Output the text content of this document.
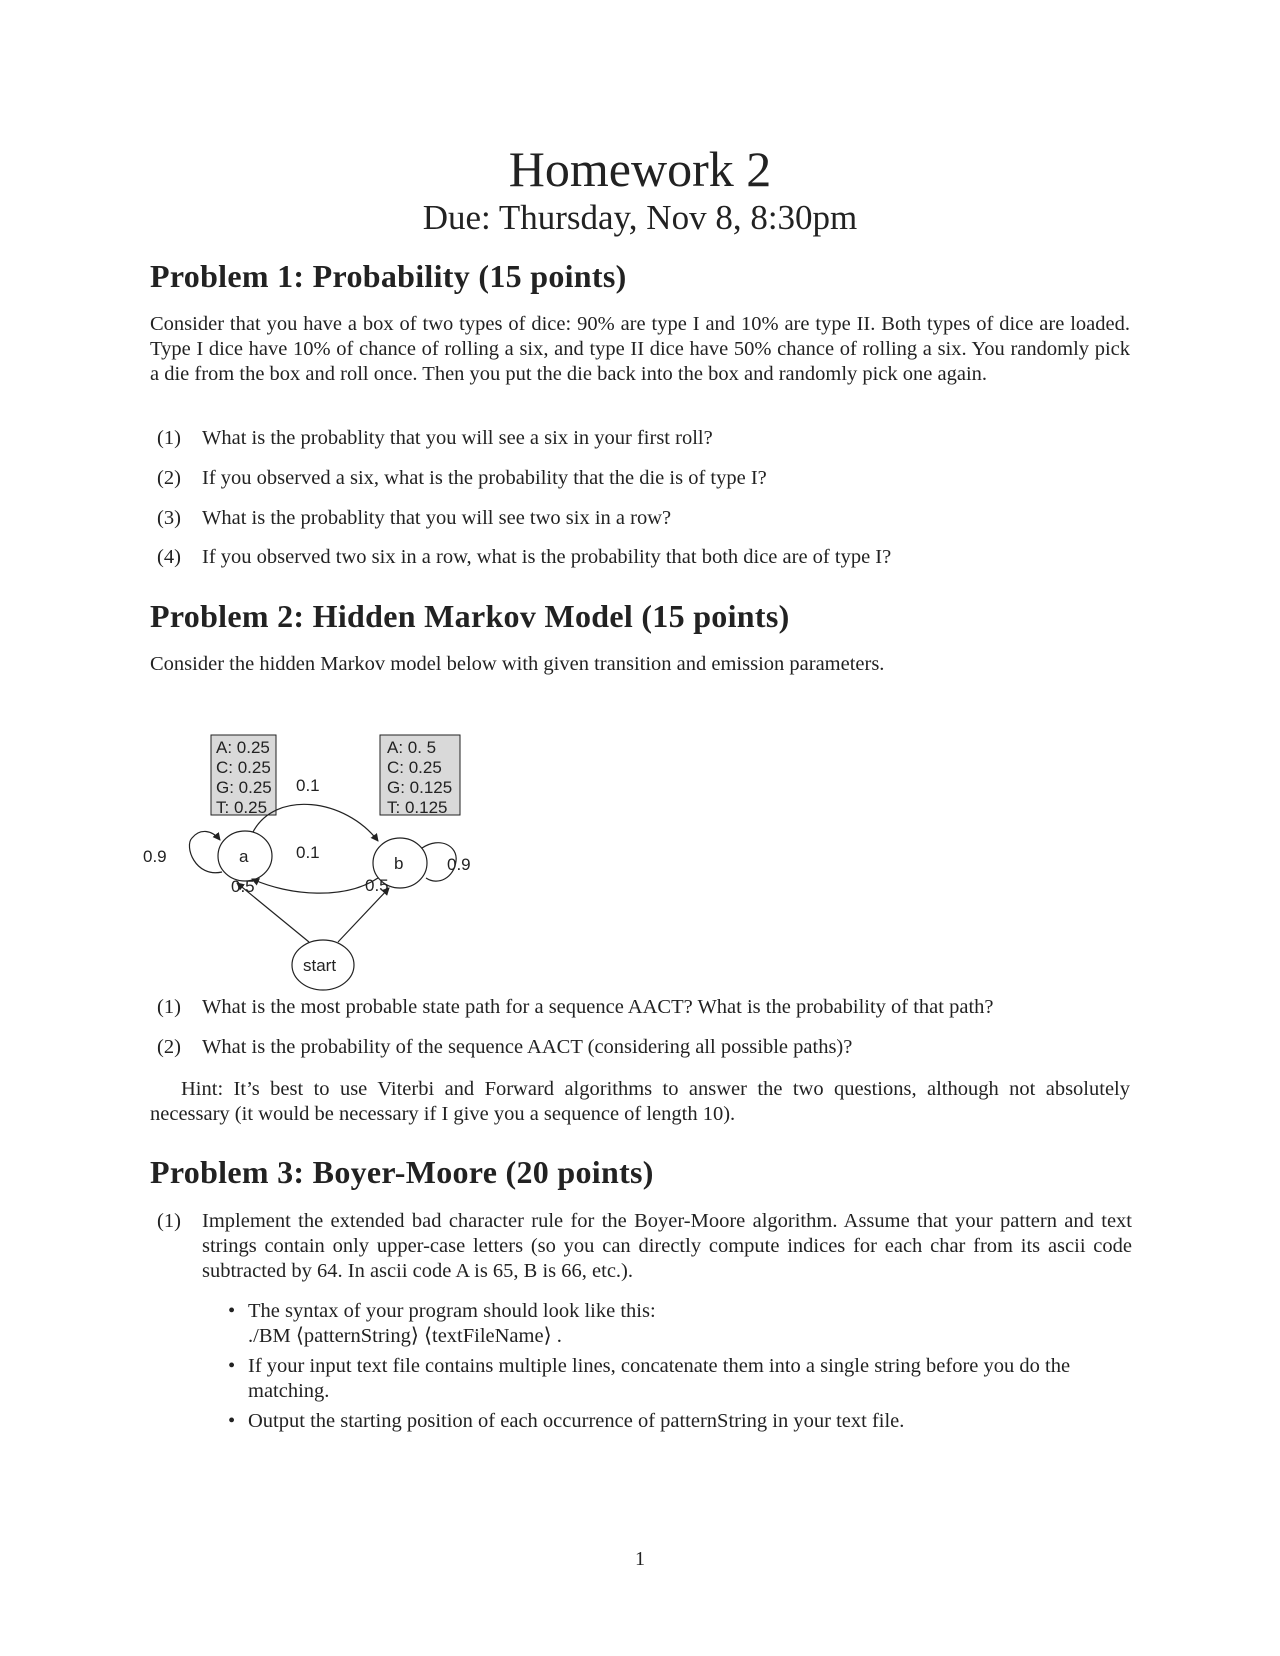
Homework 2

Due: Thursday, Nov 8, 8:30pm

Problem 1: Probability (15 points)

Consider that you have a box of two types of dice: 90% are type I and 10% are type II. Both types of dice are loaded. Type I dice have 10% of chance of rolling a six, and type II dice have 50% chance of rolling a six. You randomly pick a die from the box and roll once. Then you put the die back into the box and randomly pick one again.

(1) What is the probablity that you will see a six in your first roll?
(2) If you observed a six, what is the probability that the die is of type I?
(3) What is the probablity that you will see two six in a row?
(4) If you observed two six in a row, what is the probability that both dice are of type I?
Problem 2: Hidden Markov Model (15 points)

Consider the hidden Markov model below with given transition and emission parameters.

A: 0.25
C: 0.25
G: 0.25
T: 0.25
A: 0. 5
C: 0.25
G: 0.125
T: 0.125
a	b
start
0.9	0.9
0.1
0.1
0.5	0.5
(1) What is the most probable state path for a sequence AACT? What is the probability of that path?
(2) What is the probability of the sequence AACT (considering all possible paths)?

Hint: It’s best to use Viterbi and Forward algorithms to answer the two questions, although not absolutely necessary (it would be necessary if I give you a sequence of length 10).

Problem 3: Boyer-Moore (20 points)
(1) Implement the extended bad character rule for the Boyer-Moore algorithm. Assume that your pattern and text strings contain only upper-case letters (so you can directly compute indices for each char from its ascii code subtracted by 64. In ascii code A is 65, B is 66, etc.).
• The syntax of your program should look like this:
./BM ⟨patternString⟩ ⟨textFileName⟩ .
• If your input text file contains multiple lines, concatenate them into a single string before you do the matching.
• Output the starting position of each occurrence of patternString in your text file.

1
